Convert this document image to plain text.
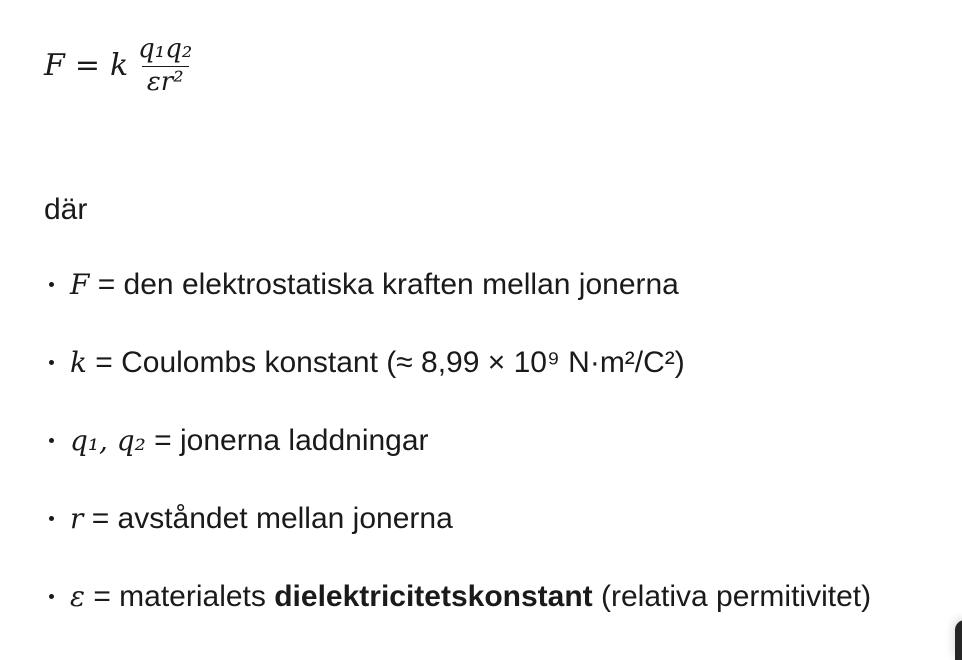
F = k $\frac{\text{q₁q₂}}{\text{εr²}}$

där

F = den elektrostatiska kraften mellan jonerna
k = Coulombs konstant (≈ 8,99 × 10⁹ N·m²/C²)
q₁, q₂ = jonerna laddningar
r = avståndet mellan jonerna
ε = materialets dielektricitetskonstant (relativa permitivitet)
